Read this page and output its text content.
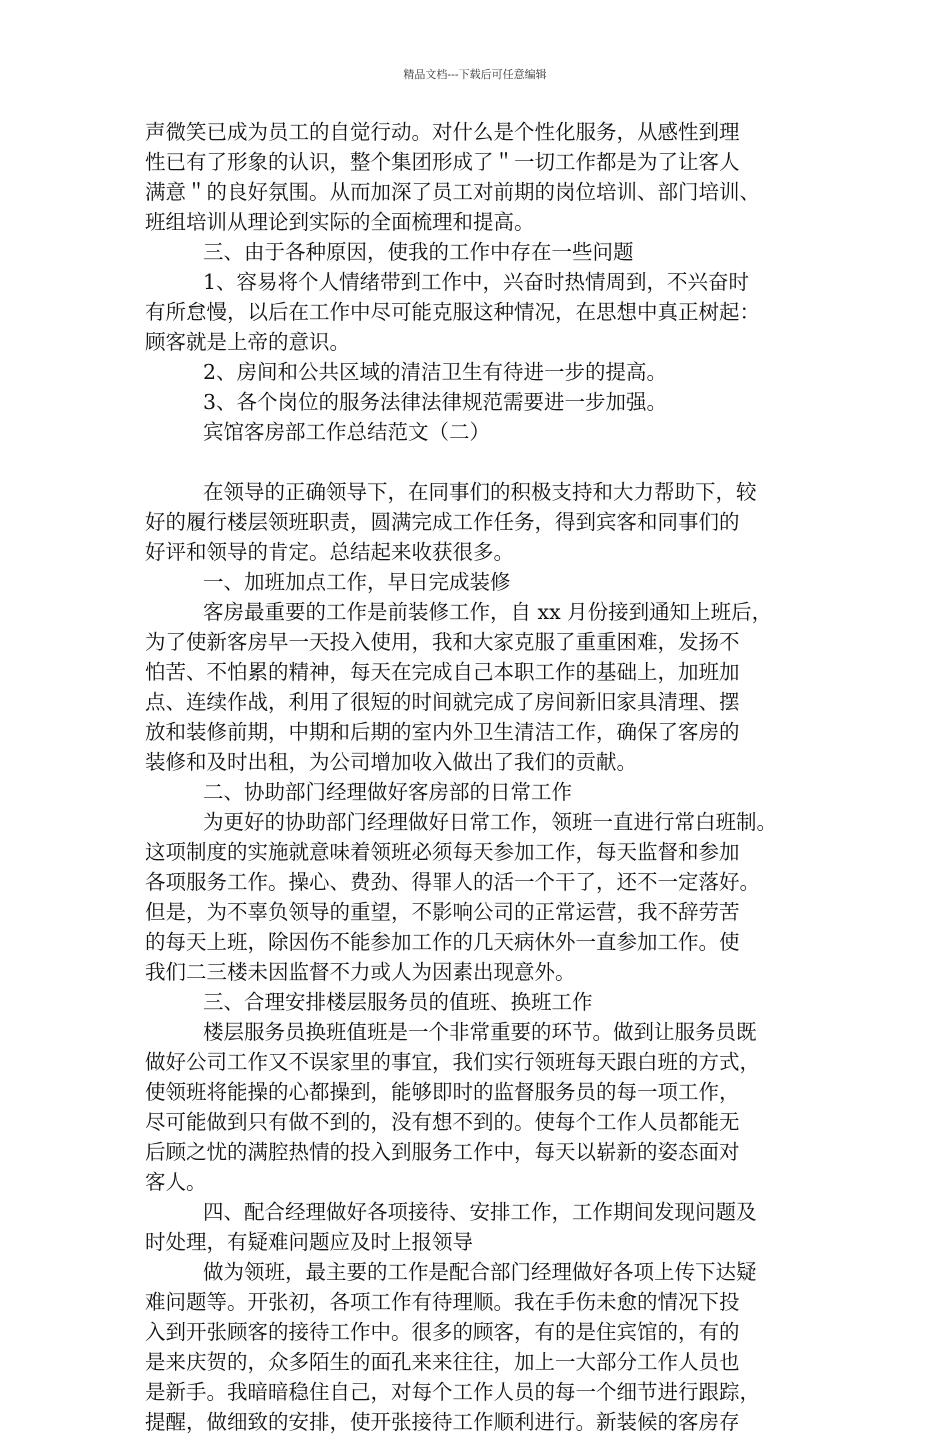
精品文档---下载后可任意编辑
声微笑已成为员工的自觉行动。对什么是个性化服务，从感性到理
性已有了形象的认识，整个集团形成了＂一切工作都是为了让客人
满意＂的良好氛围。从而加深了员工对前期的岗位培训、部门培训、
班组培训从理论到实际的全面梳理和提高。
三、由于各种原因，使我的工作中存在一些问题
1、容易将个人情绪带到工作中，兴奋时热情周到，不兴奋时
有所怠慢，以后在工作中尽可能克服这种情况，在思想中真正树起：
顾客就是上帝的意识。
2、房间和公共区域的清洁卫生有待进一步的提高。
3、各个岗位的服务法律法律规范需要进一步加强。
宾馆客房部工作总结范文（二）
在领导的正确领导下，在同事们的积极支持和大力帮助下，较
好的履行楼层领班职责，圆满完成工作任务，得到宾客和同事们的
好评和领导的肯定。总结起来收获很多。
一、加班加点工作，早日完成装修
客房最重要的工作是前装修工作，自 xx 月份接到通知上班后，
为了使新客房早一天投入使用，我和大家克服了重重困难，发扬不
怕苦、不怕累的精神，每天在完成自己本职工作的基础上，加班加
点、连续作战，利用了很短的时间就完成了房间新旧家具清理、摆
放和装修前期，中期和后期的室内外卫生清洁工作，确保了客房的
装修和及时出租，为公司增加收入做出了我们的贡献。
二、协助部门经理做好客房部的日常工作
为更好的协助部门经理做好日常工作，领班一直进行常白班制。
这项制度的实施就意味着领班必须每天参加工作，每天监督和参加
各项服务工作。操心、费劲、得罪人的活一个干了，还不一定落好。
但是，为不辜负领导的重望，不影响公司的正常运营，我不辞劳苦
的每天上班，除因伤不能参加工作的几天病休外一直参加工作。使
我们二三楼未因监督不力或人为因素出现意外。
三、合理安排楼层服务员的值班、换班工作
楼层服务员换班值班是一个非常重要的环节。做到让服务员既
做好公司工作又不误家里的事宜，我们实行领班每天跟白班的方式，
使领班将能操的心都操到，能够即时的监督服务员的每一项工作，
尽可能做到只有做不到的，没有想不到的。使每个工作人员都能无
后顾之忧的满腔热情的投入到服务工作中，每天以崭新的姿态面对
客人。
四、配合经理做好各项接待、安排工作，工作期间发现问题及
时处理，有疑难问题应及时上报领导
做为领班，最主要的工作是配合部门经理做好各项上传下达疑
难问题等。开张初，各项工作有待理顺。我在手伤未愈的情况下投
入到开张顾客的接待工作中。很多的顾客，有的是住宾馆的，有的
是来庆贺的，众多陌生的面孔来来往往，加上一大部分工作人员也
是新手。我暗暗稳住自己，对每个工作人员的每一个细节进行跟踪，
提醒，做细致的安排，使开张接待工作顺利进行。新装候的客房存
